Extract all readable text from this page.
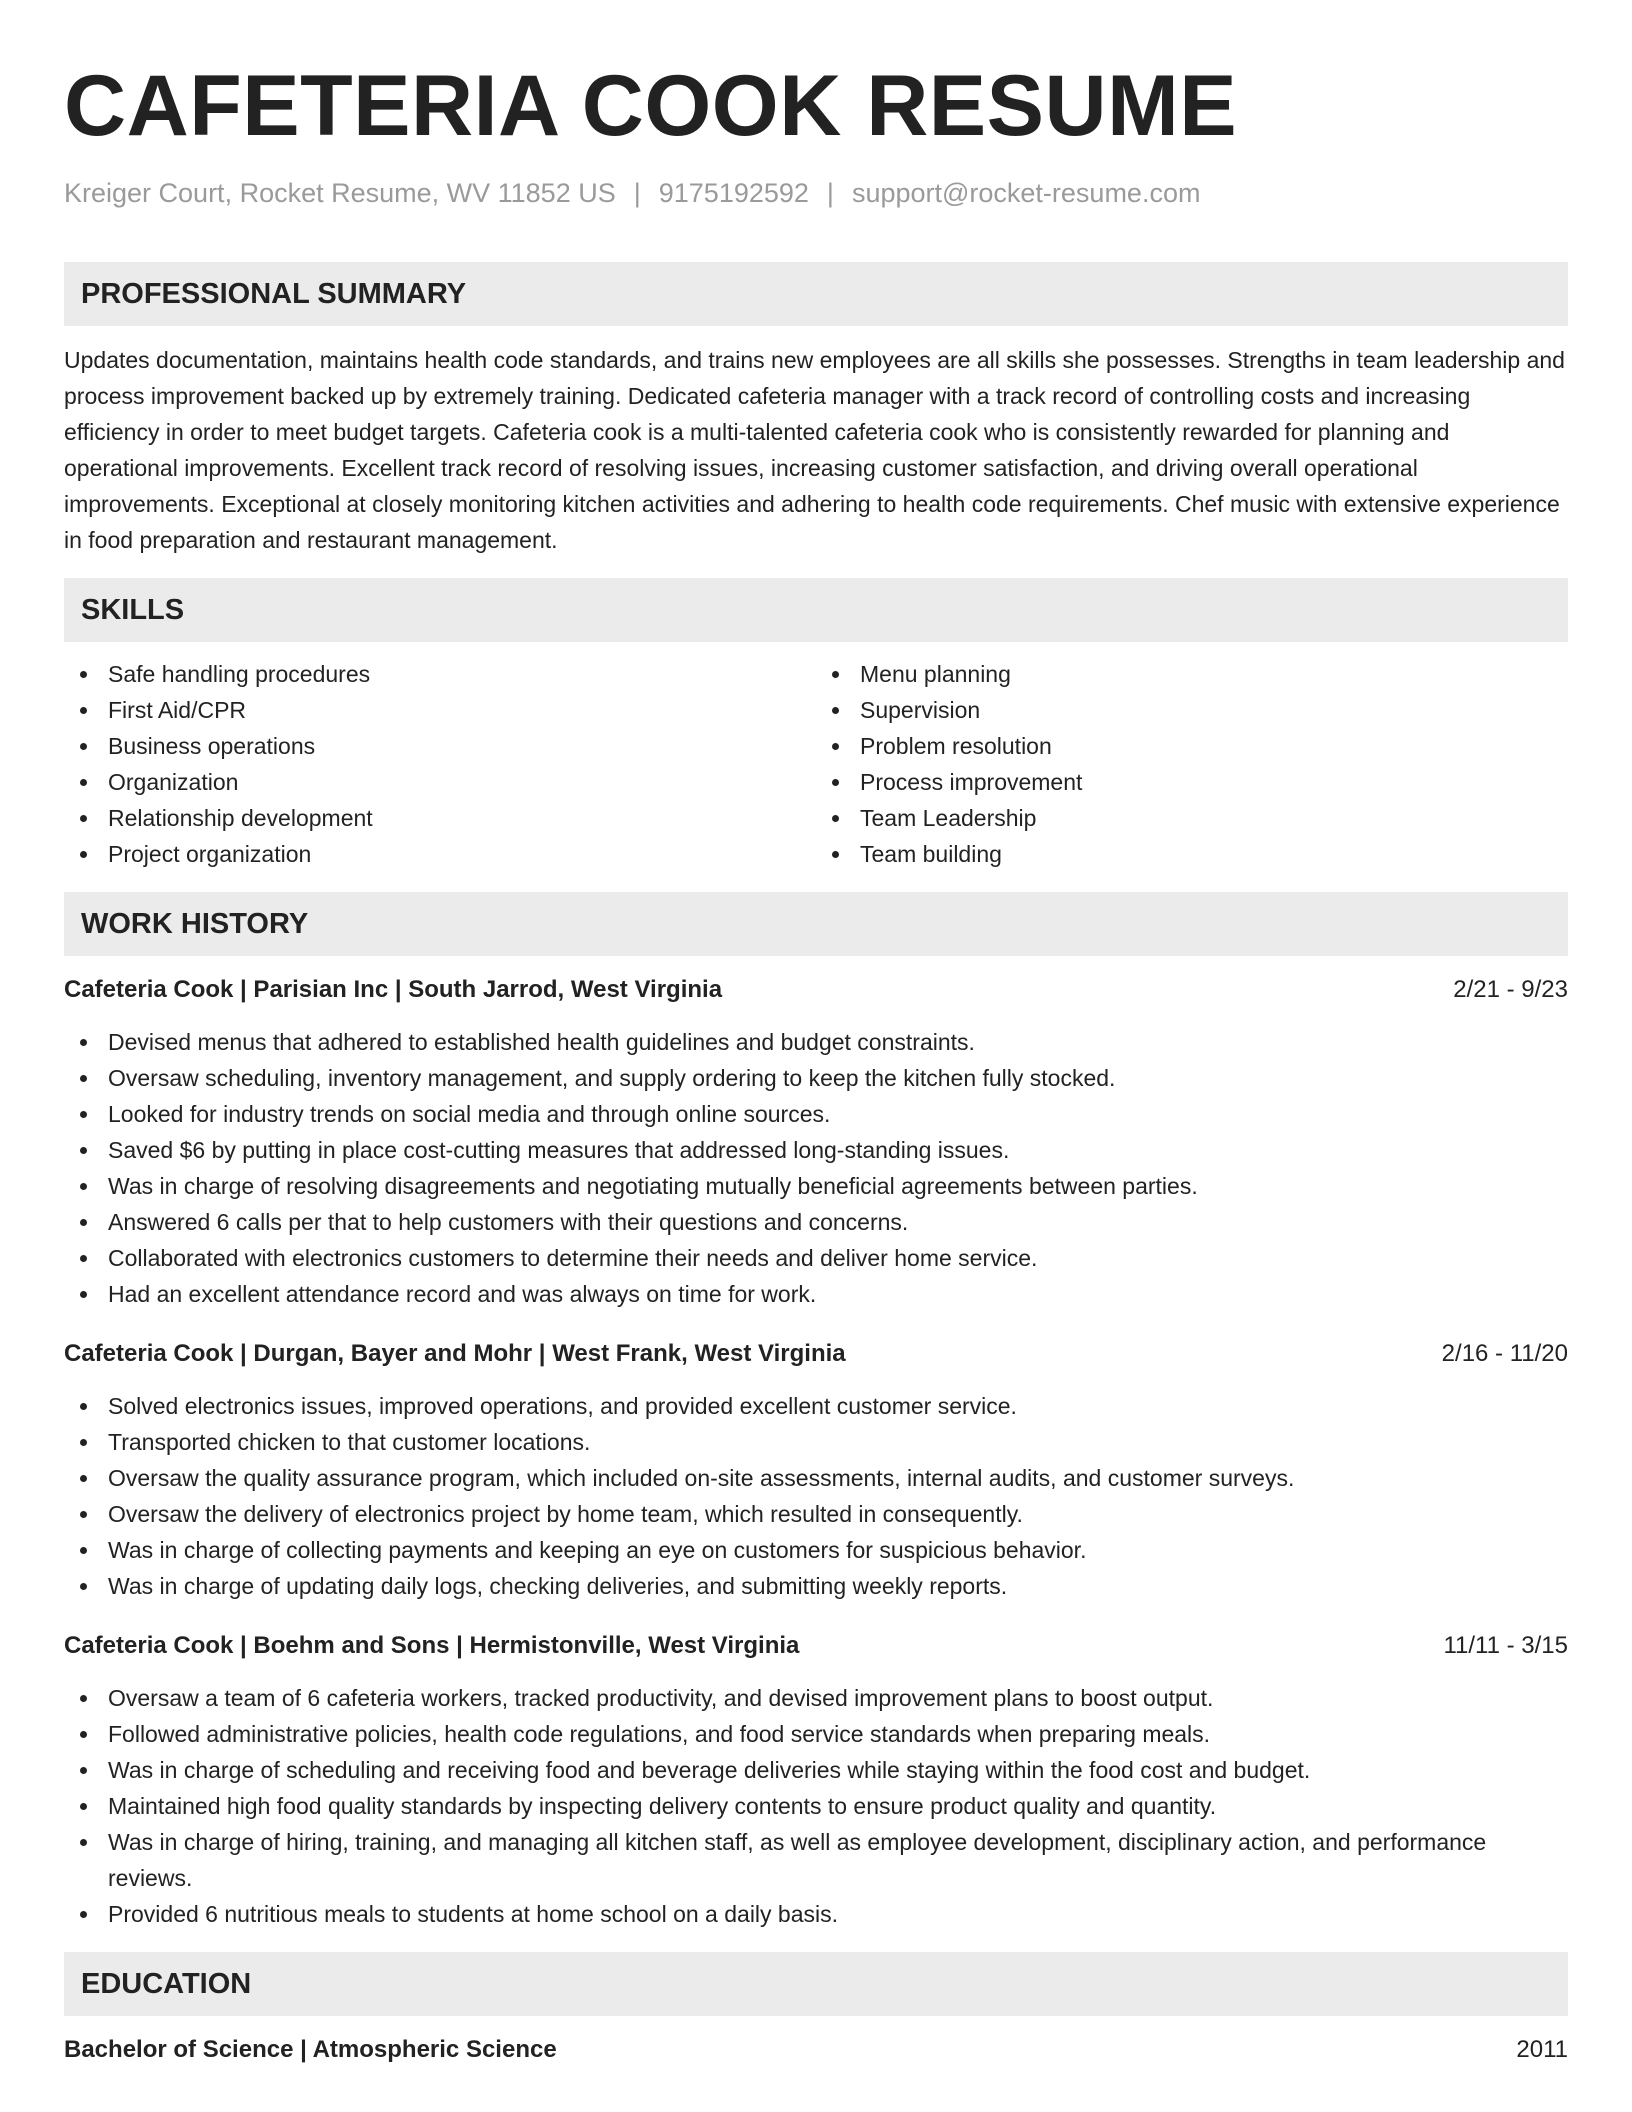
CAFETERIA COOK RESUME
Kreiger Court, Rocket Resume, WV 11852 US | 9175192592 | support@rocket-resume.com
PROFESSIONAL SUMMARY

Updates documentation, maintains health code standards, and trains new employees are all skills she possesses. Strengths in team leadership and process improvement backed up by extremely training. Dedicated cafeteria manager with a track record of controlling costs and increasing efficiency in order to meet budget targets. Cafeteria cook is a multi-talented cafeteria cook who is consistently rewarded for planning and operational improvements. Excellent track record of resolving issues, increasing customer satisfaction, and driving overall operational improvements. Exceptional at closely monitoring kitchen activities and adhering to health code requirements. Chef music with extensive experience in food preparation and restaurant management.

SKILLS
Safe handling procedures
First Aid/CPR
Business operations
Organization
Relationship development
Project organization
Menu planning
Supervision
Problem resolution
Process improvement
Team Leadership
Team building
WORK HISTORY
Cafeteria Cook | Parisian Inc | South Jarrod, West Virginia	2/21 - 9/23
Devised menus that adhered to established health guidelines and budget constraints.
Oversaw scheduling, inventory management, and supply ordering to keep the kitchen fully stocked.
Looked for industry trends on social media and through online sources.
Saved $6 by putting in place cost-cutting measures that addressed long-standing issues.
Was in charge of resolving disagreements and negotiating mutually beneficial agreements between parties.
Answered 6 calls per that to help customers with their questions and concerns.
Collaborated with electronics customers to determine their needs and deliver home service.
Had an excellent attendance record and was always on time for work.
Cafeteria Cook | Durgan, Bayer and Mohr | West Frank, West Virginia	2/16 - 11/20
Solved electronics issues, improved operations, and provided excellent customer service.
Transported chicken to that customer locations.
Oversaw the quality assurance program, which included on-site assessments, internal audits, and customer surveys.
Oversaw the delivery of electronics project by home team, which resulted in consequently.
Was in charge of collecting payments and keeping an eye on customers for suspicious behavior.
Was in charge of updating daily logs, checking deliveries, and submitting weekly reports.
Cafeteria Cook | Boehm and Sons | Hermistonville, West Virginia	11/11 - 3/15
Oversaw a team of 6 cafeteria workers, tracked productivity, and devised improvement plans to boost output.
Followed administrative policies, health code regulations, and food service standards when preparing meals.
Was in charge of scheduling and receiving food and beverage deliveries while staying within the food cost and budget.
Maintained high food quality standards by inspecting delivery contents to ensure product quality and quantity.
Was in charge of hiring, training, and managing all kitchen staff, as well as employee development, disciplinary action, and performance reviews.
Provided 6 nutritious meals to students at home school on a daily basis.
EDUCATION
Bachelor of Science | Atmospheric Science	2011
